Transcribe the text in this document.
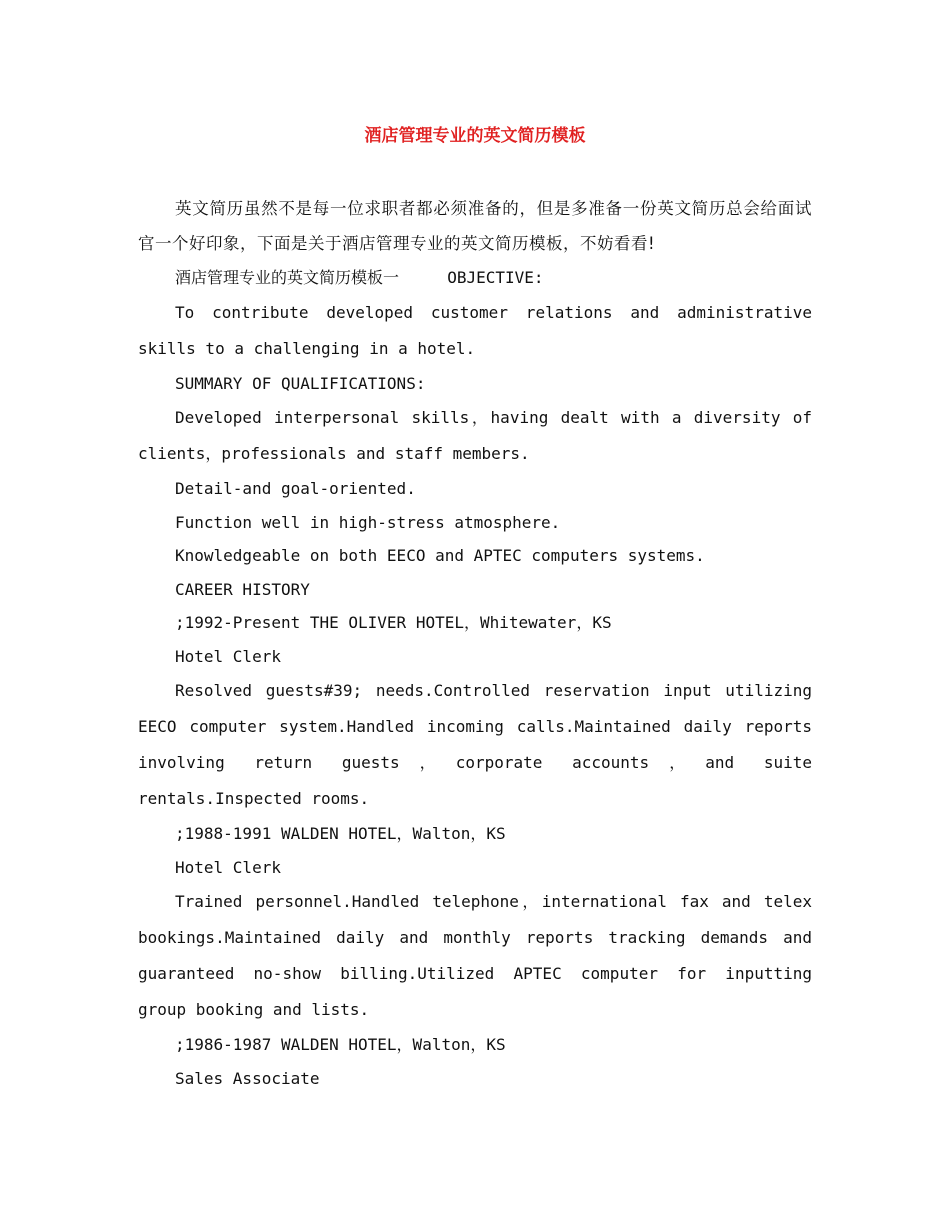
酒店管理专业的英文简历模板

英文简历虽然不是每一位求职者都必须准备的，但是多准备一份英文简历总会给面试官一个好印象，下面是关于酒店管理专业的英文简历模板，不妨看看!

酒店管理专业的英文简历模板一	OBJECTIVE:

To contribute developed customer relations and administrative skills to a challenging in a hotel.

SUMMARY OF QUALIFICATIONS:

Developed interpersonal skills，having dealt with a diversity of clients，professionals and staff members.

Detail-and goal-oriented.
Function well in high-stress atmosphere.
Knowledgeable on both EECO and APTEC computers systems.
CAREER HISTORY
;1992-Present THE OLIVER HOTEL，Whitewater，KS
Hotel Clerk

Resolved guests#39; needs.Controlled reservation input utilizing EECO computer system.Handled incoming calls.Maintained daily reports involving return guests，corporate accounts，and suite rentals.Inspected rooms.

;1988-1991 WALDEN HOTEL，Walton，KS
Hotel Clerk

Trained personnel.Handled telephone，international fax and telex bookings.Maintained daily and monthly reports tracking demands and guaranteed no-show billing.Utilized APTEC computer for inputting group booking and lists.

;1986-1987 WALDEN HOTEL，Walton，KS
Sales Associate
